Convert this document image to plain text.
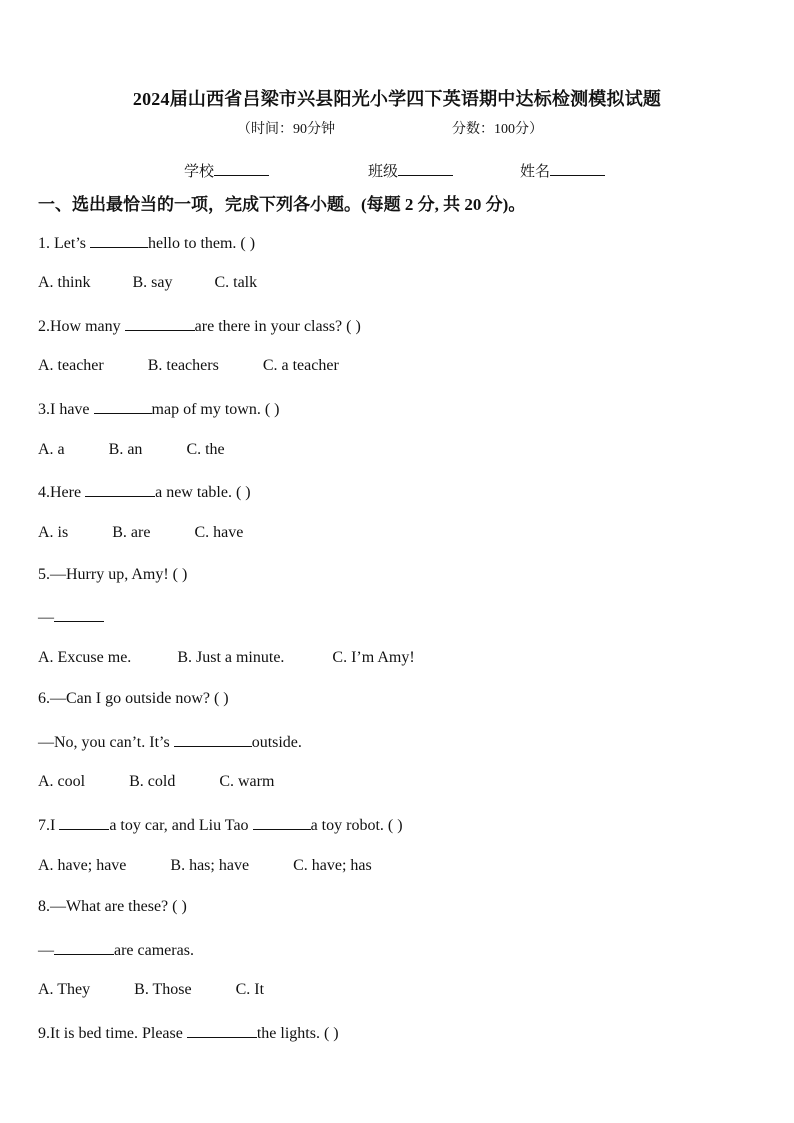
2024届山西省吕梁市兴县阳光小学四下英语期中达标检测模拟试题
（时间：90分钟	分数：100分）
学校	班级	姓名
一、选出最恰当的一项，完成下列各小题。(每题 2 分, 共 20 分)。
1. Let’s	hello to them. ( )
A. think	B. say	C. talk
2.How many	are there in your class? ( )
A. teacher	B. teachers	C. a teacher
3.I have	map of my town. ( )
A. a	B. an	C. the
4.Here	a new table. ( )
A. is	B. are	C. have
5.—Hurry up, Amy! ( )
—
A. Excuse me.	B. Just a minute.	C. I’m Amy!
6.—Can I go outside now? ( )
—No, you can’t. It’s	outside.
A. cool	B. cold	C. warm
7.I	a toy car, and Liu Tao	a toy robot. ( )
A. have; have	B. has; have	C. have; has
8.—What are these? ( )
—	are cameras.
A. They	B. Those	C. It
9.It is bed time. Please	the lights. ( )
